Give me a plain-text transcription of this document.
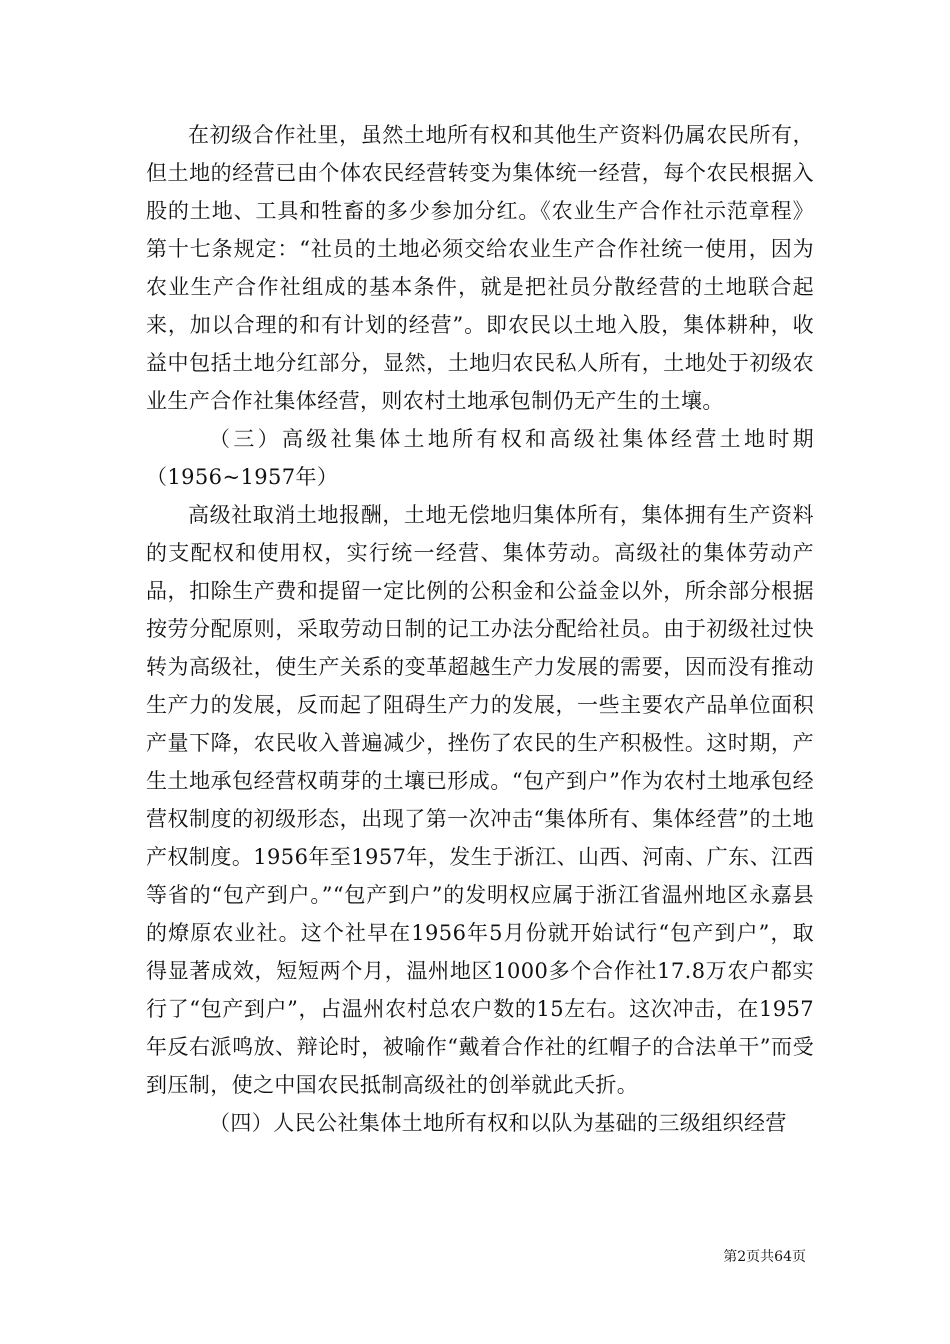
在初级合作社里，虽然土地所有权和其他生产资料仍属农民所有，但土地的经营已由个体农民经营转变为集体统一经营，每个农民根据入股的土地、工具和牲畜的多少参加分红。《农业生产合作社示范章程》第十七条规定：“社员的土地必须交给农业生产合作社统一使用，因为农业生产合作社组成的基本条件，就是把社员分散经营的土地联合起来，加以合理的和有计划的经营”。即农民以土地入股，集体耕种，收益中包括土地分红部分，显然，土地归农民私人所有，土地处于初级农业生产合作社集体经营，则农村土地承包制仍无产生的土壤。

（三）高级社集体土地所有权和高级社集体经营土地时期（1956~1957年）

高级社取消土地报酬，土地无偿地归集体所有，集体拥有生产资料的支配权和使用权，实行统一经营、集体劳动。高级社的集体劳动产品，扣除生产费和提留一定比例的公积金和公益金以外，所余部分根据按劳分配原则，采取劳动日制的记工办法分配给社员。由于初级社过快转为高级社，使生产关系的变革超越生产力发展的需要，因而没有推动生产力的发展，反而起了阻碍生产力的发展，一些主要农产品单位面积产量下降，农民收入普遍减少，挫伤了农民的生产积极性。这时期，产生土地承包经营权萌芽的土壤已形成。“包产到户”作为农村土地承包经营权制度的初级形态，出现了第一次冲击“集体所有、集体经营”的土地产权制度。1956年至1957年，发生于浙江、山西、河南、广东、江西等省的“包产到户。”“包产到户”的发明权应属于浙江省温州地区永嘉县的燎原农业社。这个社早在1956年5月份就开始试行“包产到户”，取得显著成效，短短两个月，温州地区1000多个合作社17.8万农户都实行了“包产到户”，占温州农村总农户数的15左右。这次冲击，在1957年反右派鸣放、辩论时，被喻作“戴着合作社的红帽子的合法单干”而受到压制，使之中国农民抵制高级社的创举就此夭折。

（四）人民公社集体土地所有权和以队为基础的三级组织经营

第2页共64页
